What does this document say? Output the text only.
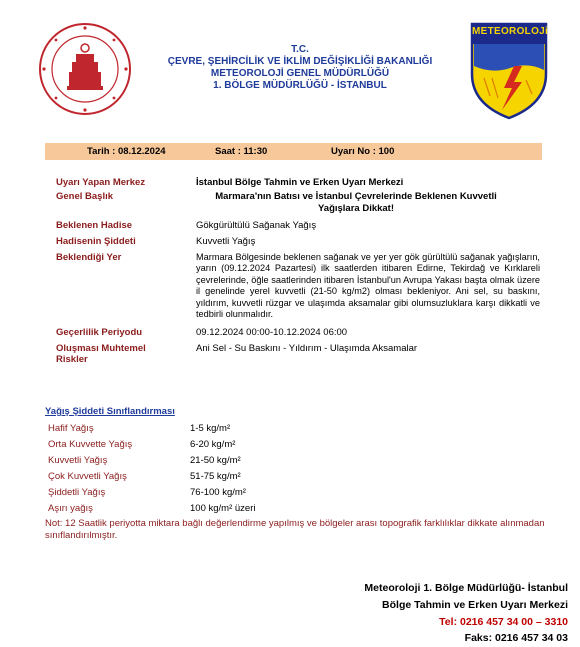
T.C.
ÇEVRE, ŞEHİRCİLİK VE İKLİM DEĞİŞİKLİĞİ BAKANLIĞI
METEOROLOJİ GENEL MÜDÜRLÜĞÜ
1. BÖLGE MÜDÜRLÜĞÜ - İSTANBUL
METEOROLOJi
Tarih : 08.12.2024	Saat : 11:30	Uyarı No : 100
Uyarı Yapan Merkez	İstanbul Bölge Tahmin ve Erken Uyarı Merkezi
Genel Başlık	Marmara'nın Batısı ve İstanbul Çevrelerinde Beklenen Kuvvetli
Yağışlara Dikkat!
Beklenen Hadise	Gökgürültülü Sağanak Yağış
Hadisenin Şiddeti	Kuvvetli Yağış
Beklendiği Yer	Marmara Bölgesinde beklenen sağanak ve yer yer gök gürültülü sağanak yağışların, yarın (09.12.2024 Pazartesi) ilk saatlerden itibaren Edirne, Tekirdağ ve Kırklareli çevrelerinde, öğle saatlerinden itibaren İstanbul'un Avrupa Yakası başta olmak üzere il genelinde yerel kuvvetli (21-50 kg/m2) olması bekleniyor. Ani sel, su baskını, yıldırım, kuvvetli rüzgar ve ulaşımda aksamalar gibi olumsuzluklara karşı dikkatli ve tedbirli olunmalıdır.
Geçerlilik Periyodu	09.12.2024 00:00-10.12.2024 06:00
Oluşması Muhtemel
Riskler
Ani Sel - Su Baskını - Yıldırım - Ulaşımda Aksamalar
Yağış Şiddeti Sınıflandırması
Hafif Yağış	1-5 kg/m²
Orta Kuvvette Yağış	6-20 kg/m²
Kuvvetli Yağış	21-50 kg/m²
Çok Kuvvetli Yağış	51-75 kg/m²
Şiddetli Yağış	76-100 kg/m²
Aşırı yağış	100 kg/m² üzeri
Not: 12 Saatlik periyotta miktara bağlı değerlendirme yapılmış ve bölgeler arası topografik farklılıklar dikkate alınmadan sınıflandırılmıştır.
Meteoroloji 1. Bölge Müdürlüğü- İstanbul
Bölge Tahmin ve Erken Uyarı Merkezi
Tel: 0216 457 34 00 – 3310
Faks: 0216 457 34 03
